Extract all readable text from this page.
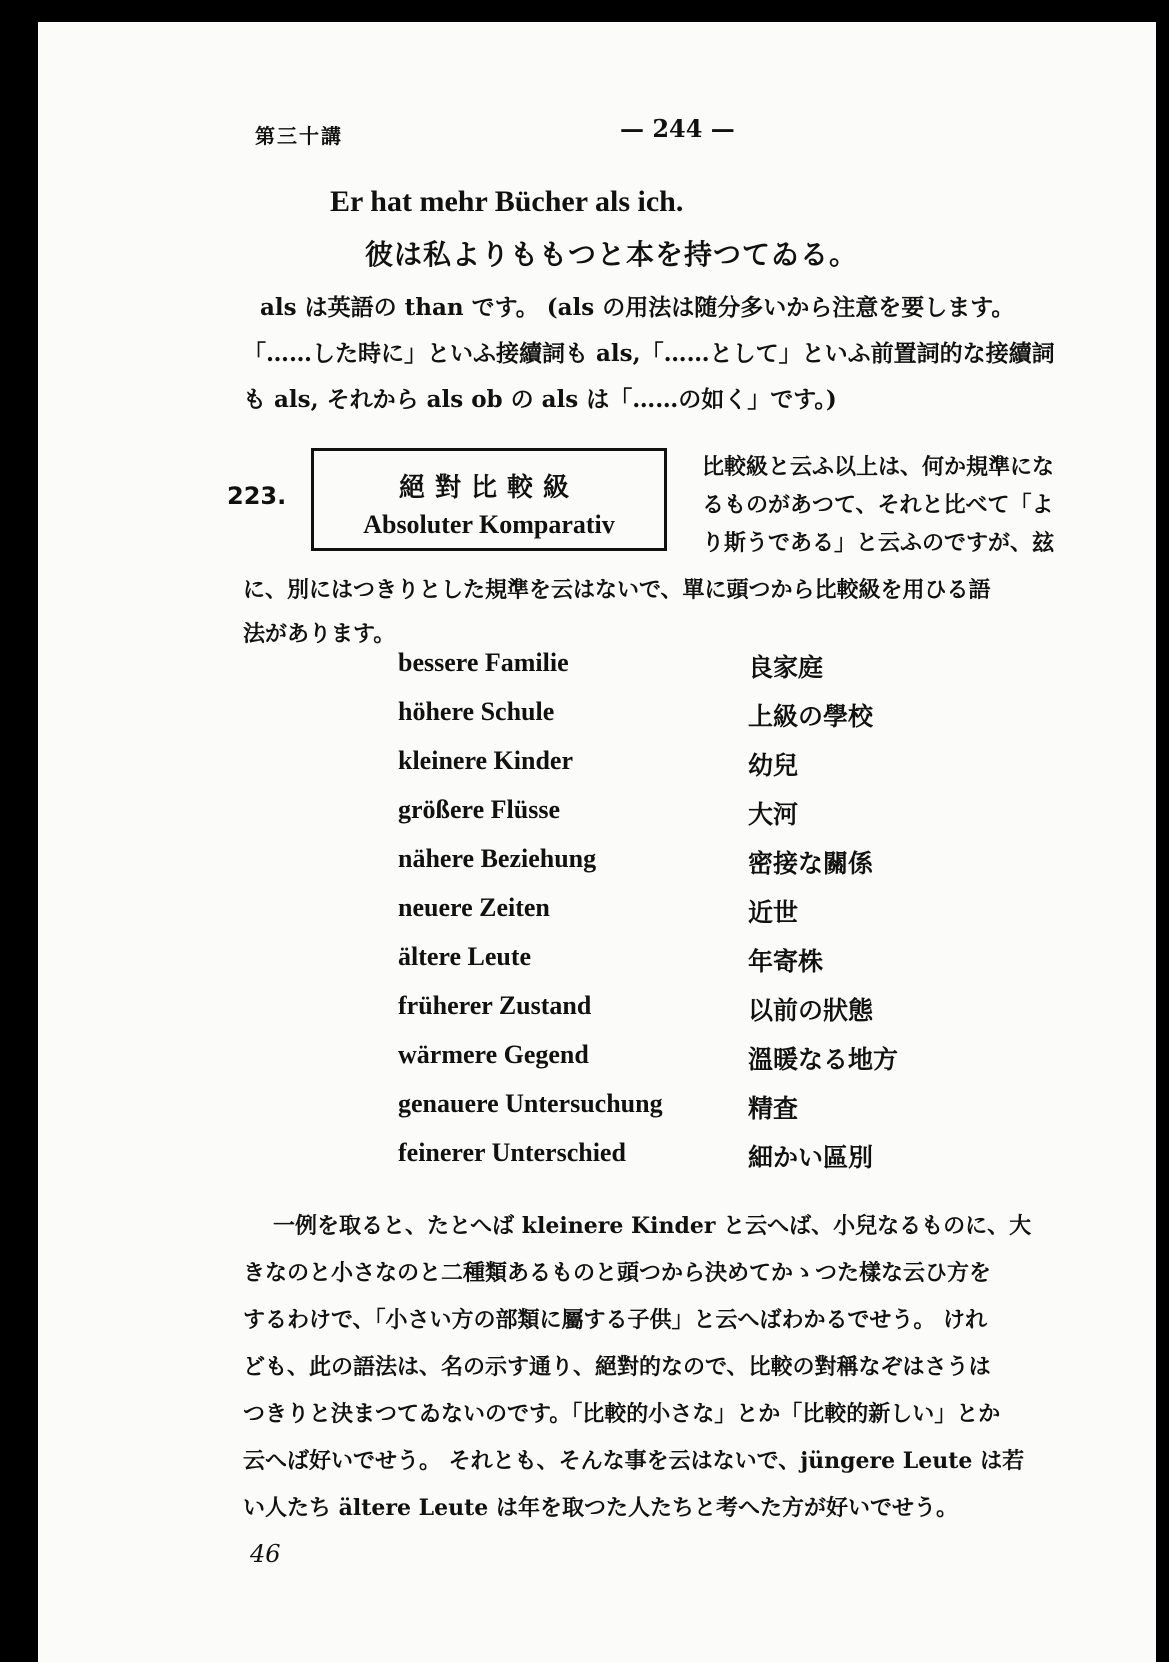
第三十講	— 244 —
Er hat mehr Bücher als ich.
彼は私よりももつと本を持つてゐる。
als は英語の than です。 (als の用法は随分多いから注意を要します。
「……した時に」といふ接續詞も als,「……として」といふ前置詞的な接續詞
も als, それから als ob の als は「……の如く」です。)
223.	絕對比較級
Absoluter Komparativ
比較級と云ふ以上は、何か規準にな
るものがあつて、それと比べて「よ
り斯うである」と云ふのですが、玆
に、別にはつきりとした規準を云はないで、單に頭つから比較級を用ひる語
法があります。
bessere Familie	良家庭
höhere Schule	上級の學校
kleinere Kinder	幼兒
größere Flüsse	大河
nähere Beziehung	密接な關係
neuere Zeiten	近世
ältere Leute	年寄株
früherer Zustand	以前の狀態
wärmere Gegend	溫暖なる地方
genauere Untersuchung	精査
feinerer Unterschied	細かい區別
一例を取ると、たとへば kleinere Kinder と云へば、小兒なるものに、大
きなのと小さなのと二種類あるものと頭つから決めてかゝつた樣な云ひ方を
するわけで、「小さい方の部類に屬する子供」と云へばわかるでせう。 けれ
ども、此の語法は、名の示す通り、絕對的なので、比較の對稱なぞはさうは
つきりと決まつてゐないのです。「比較的小さな」とか「比較的新しい」とか
云へば好いでせう。 それとも、そんな事を云はないで、jüngere Leute は若
い人たち ältere Leute は年を取つた人たちと考へた方が好いでせう。
46
